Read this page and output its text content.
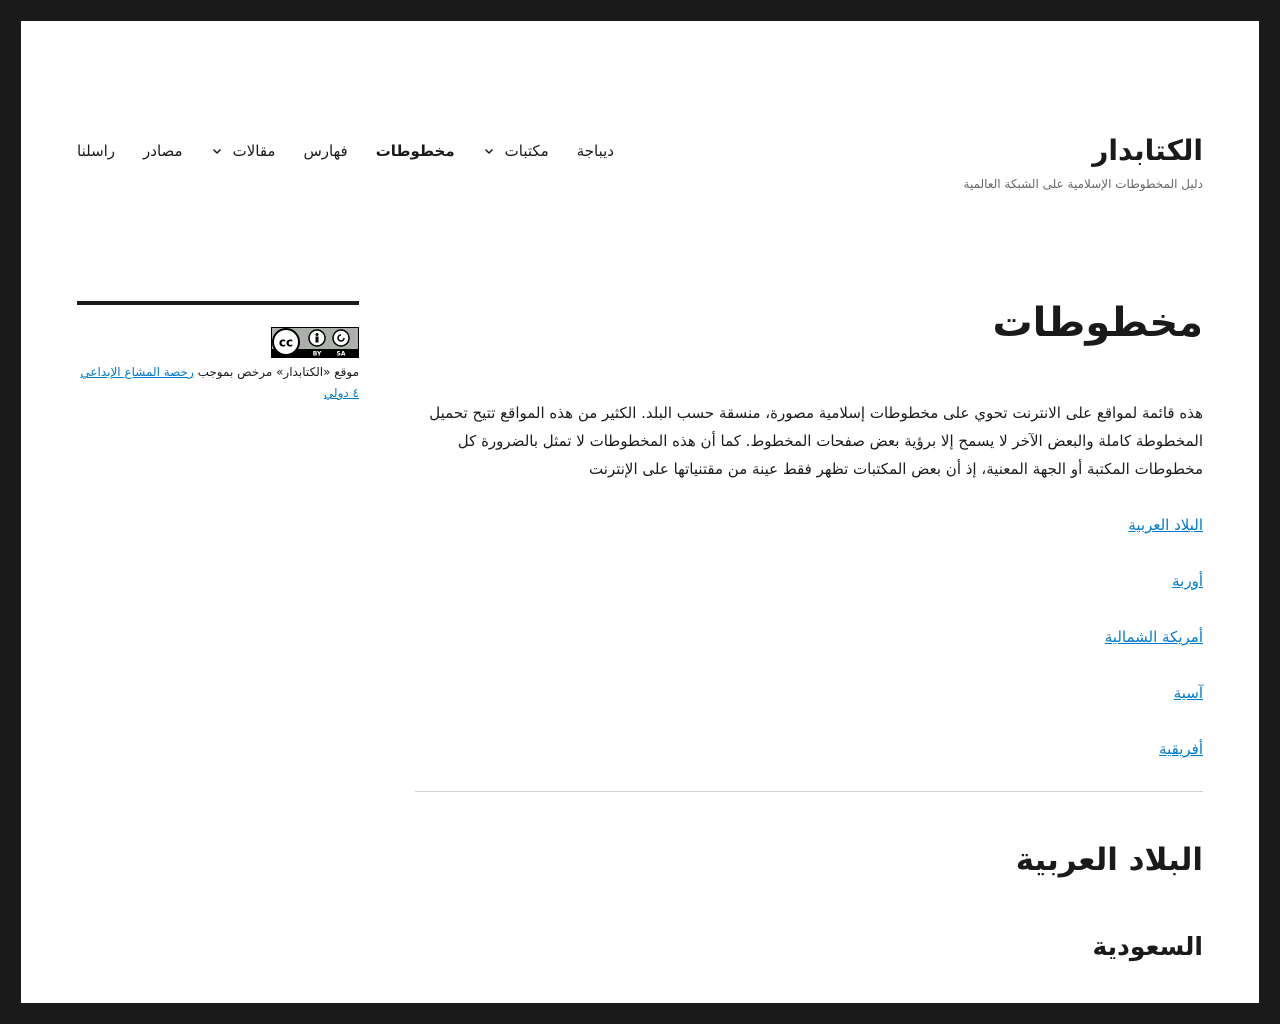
الكتابدار
دليل المخطوطات الإسلامية على الشبكة العالمية
ديباجة
مكتبات
مخطوطات
فهارس
مقالات
مصادر
راسلنا
مخطوطات

هذه قائمة لمواقع على الانترنت تحوي على مخطوطات إسلامية مصورة، منسقة حسب البلد. الكثير من هذه المواقع تتيح تحميل المخطوطة كاملة والبعض الآخر لا يسمح إلا برؤية بعض صفحات المخطوط. كما أن هذه المخطوطات لا تمثل بالضرورة كل مخطوطات المكتبة أو الجهة المعنية، إذ أن بعض المكتبات تظهر فقط عينة من مقتنياتها على الإنترنت

البلاد العربية

أوربة

أمريكة الشمالية

آسية

أفريقية

البلاد العربية
السعودية
cc
BY	SA
موقع «الكتابدار» مرخص بموجب رخصة المشاع الإبداعي ٤ دولي
